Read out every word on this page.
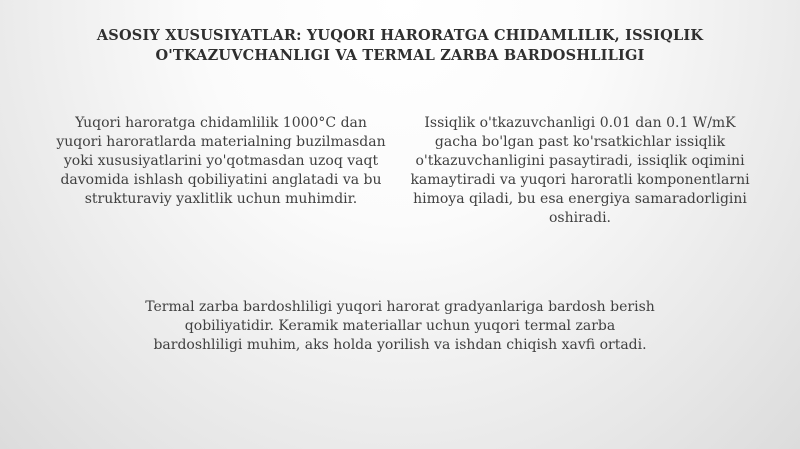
ASOSIY XUSUSIYATLAR: YUQORI HARORATGA CHIDAMLILIK, ISSIQLIK O'TKAZUVCHANLIGI VA TERMAL ZARBA BARDOSHLILIGI

Yuqori haroratga chidamlilik 1000°C dan yuqori haroratlarda materialning buzilmasdan yoki xususiyatlarini yo'qotmasdan uzoq vaqt davomida ishlash qobiliyatini anglatadi va bu strukturaviy yaxlitlik uchun muhimdir.

Issiqlik o'tkazuvchanligi 0.01 dan 0.1 W/mK gacha bo'lgan past ko'rsatkichlar issiqlik o'tkazuvchanligini pasaytiradi, issiqlik oqimini kamaytiradi va yuqori haroratli komponentlarni himoya qiladi, bu esa energiya samaradorligini oshiradi.

Termal zarba bardoshliligi yuqori harorat gradyanlariga bardosh berish qobiliyatidir. Keramik materiallar uchun yuqori termal zarba bardoshliligi muhim, aks holda yorilish va ishdan chiqish xavfi ortadi.
